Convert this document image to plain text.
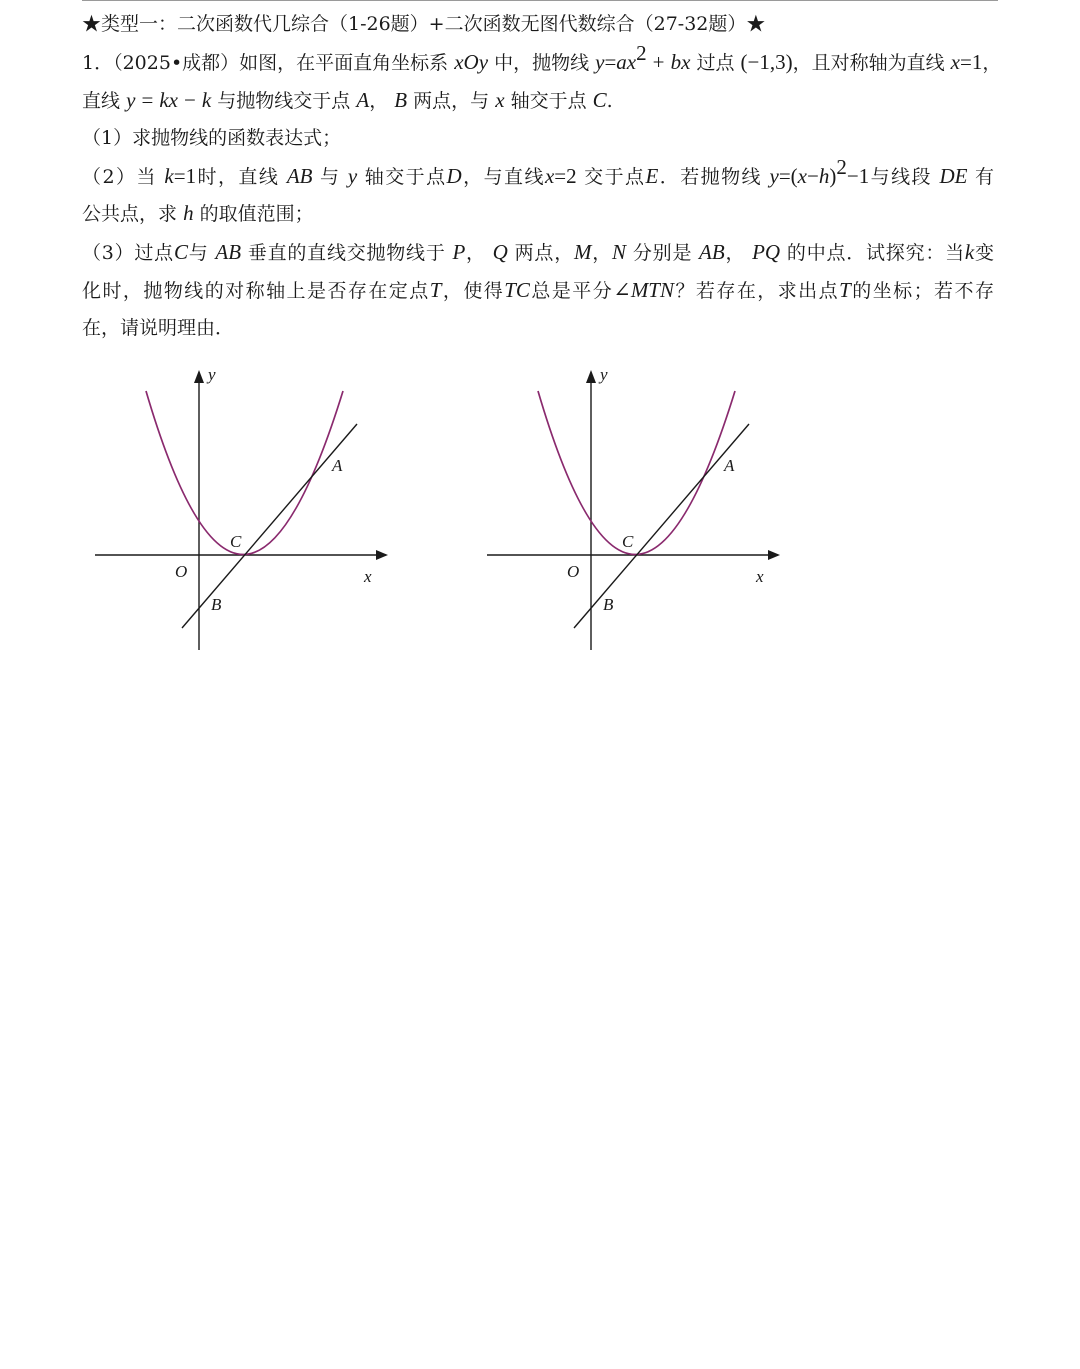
★类型一：二次函数代几综合（1-26题）+二次函数无图代数综合（27-32题）★
1．（2025•成都）如图，在平面直角坐标系 xOy 中，抛物线 $y=ax^2$ + bx 过点 (−1,3)，且对称轴为直线 x=1，
直线 y = kx − k 与抛物线交于点 A， B 两点，与 x 轴交于点 C.
（1）求抛物线的函数表达式；
（2）当 k=1时，直线 AB 与 y 轴交于点D，与直线x=2 交于点E．若抛物线 $y=(x-h)^2-1$与线段 DE 有
公共点，求 h 的取值范围；
（3）过点C与 AB 垂直的直线交抛物线于 P， Q 两点，M，N 分别是 AB， PQ 的中点．试探究：当k变
化时，抛物线的对称轴上是否存在定点T，使得TC总是平分∠MTN？若存在，求出点T的坐标；若不存
在，请说明理由．
y
x
O
C
A
B
y
x
O
C
A
B
